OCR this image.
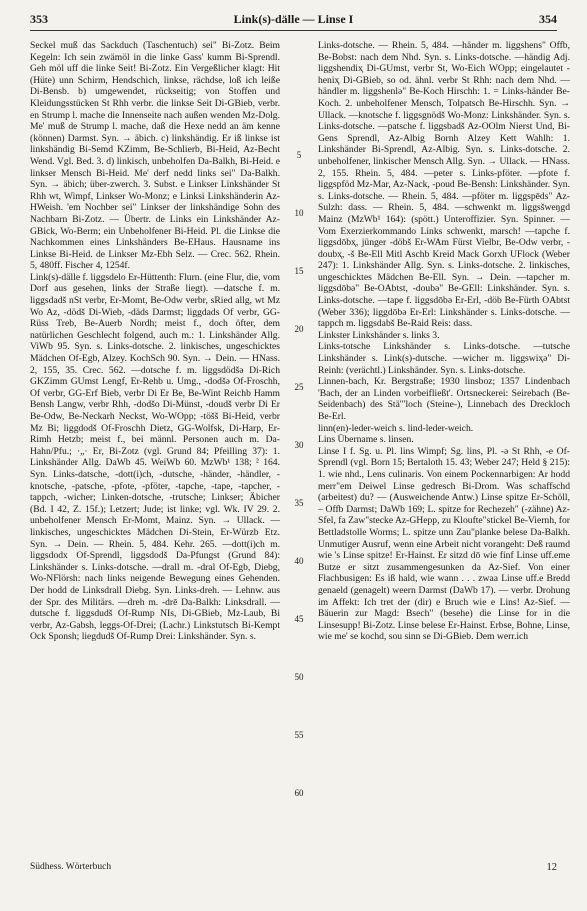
353	Link(s)-dälle — Linse I	354

Seckel muß das Sackduch (Taschentuch) sei" Bi-Zotz. Beim Kegeln: Ich sein zwämöl in die linke Gass' kumm Bi-Sprendl. Geh möl uff die linke Seit! Bi-Zotz. Ein Vergeßlicher klagt: Hit (Hüte) unn Schirm, Hendschich, linkse, rächdse, loß ich leiße Di-Bensb. b) umgewendet, rückseitig; von Stoffen und Kleidungsstücken St Rhh verbr. die linkse Seit Di-GBieb, verbr. en Strump l. mache die Innenseite nach außen wenden Mz-Dolg. Me' muß de Strump l. mache, daß die Hexe nedd an äm kenne (können) Darmst. Syn. → äbich. c) linkshändig. Er iß linkse ist linkshändig Bi-Semd KZimm, Be-Schlierb, Bi-Heid, Az-Becht Wend. Vgl. Bed. 3. d) linkisch, unbeholfen Da-Balkh, Bi-Heid. e linkser Mensch Bi-Heid. Me' derf nedd links sei" Da-Balkh. Syn. → äbich; über-zwerch. 3. Subst. e Linkser Linkshänder St Rhh wt, Wimpf, Linkser Wo-Monz; e Linksi Linkshänderin Az-HWeish. 'em Nochber sei" Linkser der linkshändige Sohn des Nachbarn Bi-Zotz. — Übertr. de Links ein Linkshänder Az-GBick, Wo-Berm; ein Unbeholfener Bi-Heid. Pl. die Linkse die Nachkommen eines Linkshänders Be-EHaus. Hausname ins Linkse Bi-Heid. de Linkser Mz-Ebh Selz. — Crec. 562. Rhein. 5, 480ff. Fischer 4, 1254f.

Link(s)-dälle f. liggsdelo Er-Hüttenth: Flurn. (eine Flur, die, vom Dorf aus gesehen, links der Straße liegt). —datsche f. m. liggsdadš nSt verbr, Er-Momt, Be-Odw verbr, sRied allg, wt Mz Wo Az, -dödš Di-Wieb, -däds Darmst; liggdads Of verbr, GG-Rüss Treb, Be-Auerb Nordh; meist f., doch öfter, dem natürlichen Geschlecht folgend, auch m.: 1. Linkshänder Allg. ViWb 95. Syn. s. Links-dotsche. 2. linkisches, ungeschicktes Mädchen Of-Egb, Alzey. KochSch 90. Syn. → Dein. — HNass. 2, 155, 35. Crec. 562. —dotsche f. m. liggsdödšə Di-Rich GKZimm GUmst Lengf, Er-Rehb u. Umg., -dodšə Of-Froschh, Of verbr, GG-Erf Bieb, verbr Di Er Be, Be-Wint Reichb Hamm Bensh Langw, verbr Rhh, -dodšo Di-Münst, -doudš verbr Di Er Be-Odw, Be-Neckarh Neckst, Wo-WOpp; -töšš Bi-Heid, verbr Mz Bi; liggdodš Of-Froschh Dietz, GG-Wolfsk, Di-Harp, Er-Rimh Hetzb; meist f., bei männl. Personen auch m. Da-Hahn/Pfu.; ·„· Er, Bi-Zotz (vgl. Grund 84; Pfeilling 37): 1. Linkshänder Allg. DaWb 45. WeiWb 60. MzWb¹ 138; ² 164. Syn. Links-datsche, -dott(i)ch, -dutsche, -händer, -händler, -knotsche, -patsche, -pfote, -pföter, -tapche, -tape, -tapcher, -tappch, -wicher; Linken-dotsche, -trutsche; Linkser; Äbicher (Bd. I 42, Z. 15f.); Letzert; Jude; ist linke; vgl. Wk. IV 29. 2. unbeholfener Mensch Er-Momt, Mainz. Syn. → Ullack. — linkisches, ungeschicktes Mädchen Di-Stein, Er-Würzb Etz. Syn. → Dein. — Rhein. 5, 484. Kehr. 265. —dott(i)ch m. liggsdodx Of-Sprendl, liggsdodš Da-Pfungst (Grund 84): Linkshänder s. Links-dotsche. —drall m. -dral Of-Egb, Diebg, Wo-NFlörsh: nach links neigende Bewegung eines Gehenden. Der hodd de Linksdrall Diebg. Syn. Links-dreh. — Lehnw. aus der Spr. des Militärs. —dreh m. -drē Da-Balkh: Linksdrall. —dutsche f. liggsdudš Of-Rump NIs, Di-GBieb, Mz-Laub, Bi verbr, Az-Gabsh, leggs-Of-Drei; (Lachr.) Linkstutsch Bi-Kempt Ock Sponsh; liegdudš Of-Rump Drei: Linkshänder. Syn. s.

5
10
15
20
25
30
35
40
45
50
55
60

Links-dotsche. — Rhein. 5, 484. —händer m. liggshens" Offb, Be-Bobst: nach dem Nhd. Syn. s. Links-dotsche. —händig Adj. liggshendiҳ Di-GUmst, verbr St, Wo-Eich WOpp; eingelautet -heniҳ Di-GBieb, so od. ähnl. verbr St Rhh: nach dem Nhd. —händler m. liggshenlə" Be-Koch Hirschh: 1. = Links-händer Be-Koch. 2. unbeholfener Mensch, Tolpatsch Be-Hirschh. Syn. → Ullack. —knotsche f. liggsgnödš Wo-Monz: Linkshänder. Syn. s. Links-dotsche. —patsche f. liggsbadš Az-OOlm Nierst Und, Bi-Gens Sprendl, Az-Albig Bornh Alzey Kett Wahlh: 1. Linkshänder Bi-Sprendl, Az-Albig. Syn. s. Links-dotsche. 2. unbeholfener, linkischer Mensch Allg. Syn. → Ullack. — HNass. 2, 155. Rhein. 5, 484. —peter s. Links-pföter. —pfote f. liggspföd Mz-Mar, Az-Nack, -poud Be-Bensh: Linkshänder. Syn. s. Links-dotsche. — Rhein. 5, 484. —pföter m. liggspēds" Az-Sulzh: dass. — Rhein. 5, 484. —schwenkt m. liggsšweŋgd Mainz (MzWb¹ 164): (spött.) Unteroffizier. Syn. Spinner. — Vom Exerzierkommando Links schwenkt, marsch! —tapche f. liggsdōbҳ, jünger -döbš Er-WAm Fürst Vielbr, Be-Odw verbr, -doubҳ, -š Be-Ell Mitl Aschb Kreid Mack Gorxh UFlock (Weber 247): 1. Linkshänder Allg. Syn. s. Links-dotsche. 2. linkisches, ungeschicktes Mädchen Be-Ell. Syn. → Dein. —tapcher m. liggsdōbə" Be-OAbtst, -doubə" Be-GEll: Linkshänder. Syn. s. Links-dotsche. —tape f. liggsdōbə Er-Erl, -döb Be-Fürth OAbtst (Weber 336); liggdōbə Er-Erl: Linkshänder s. Links-dotsche. —tappch m. liggsdabš Be-Raid Reis: dass.

Linkster Linkshänder s. links 3.

Links-totsche Linkshänder s. Links-dotsche. —tutsche Linkshänder s. Link(s)-dutsche. —wicher m. liggswiҳə" Di-Reinh: (verächtl.) Linkshänder. Syn. s. Links-dotsche.

Linnen-bach, Kr. Bergstraße; 1930 linsboz; 1357 Lindenbach 'Bach, der an Linden vorbeifließt'. Ortsneckerei: Seirebach (Be-Seidenbach) des Stä'"loch (Steine-), Linnebach des Dreckloch Be-Erl.

linn(en)-leder-weich s. lind-leder-weich.

Lins Übername s. linsen.

Linse I f. Sg. u. Pl. lins Wimpf; Sg. lins, Pl. -ə St Rhh, -e Of-Sprendl (vgl. Born 15; Bertaloth 15. 43; Weber 247; Held § 215): 1. wie nhd., Lens culinaris. Von einem Pockennarbigen: Ar hodd merr"em Deiwel Linse gedresch Bi-Drom. Was schaffschd (arbeitest) du? — (Ausweichende Antw.) Linse spitze Er-Schöll, – Offb Darmst; DaWb 169; L. spitze for Rechezeh" (-zähne) Az-Sfel, fa Zaw"stecke Az-GHepp, zu Kloufte"stickel Be-Viernh, for Bettladstolle Worms; L. spitze unn Zau"planke belese Da-Balkh. Unmutiger Ausruf, wenn eine Arbeit nicht vorangeht: Deß raumd wie 's Linse spitze! Er-Hainst. Er sitzd dō wie finf Linse uff.eme Butze er sitzt zusammengesunken da Az-Sief. Von einer Flachbusigen: Es iß hald, wie wann . . . zwaa Linse uff.e Bredd genaeld (genagelt) weern Darmst (DaWb 17). — verbr. Drohung im Affekt: Ich tret der (dir) e Bruch wie e Lins! Az-Sief. — Bäuerin zur Magd: Bsech" (besehe) die Linse for in die Linsesupp! Bi-Zotz. Linse belese Er-Hainst. Erbse, Bohne, Linse, wie me' se kochd, sou sinn se Di-GBieb. Dem werr.ich

Südhess. Wörterbuch	12
